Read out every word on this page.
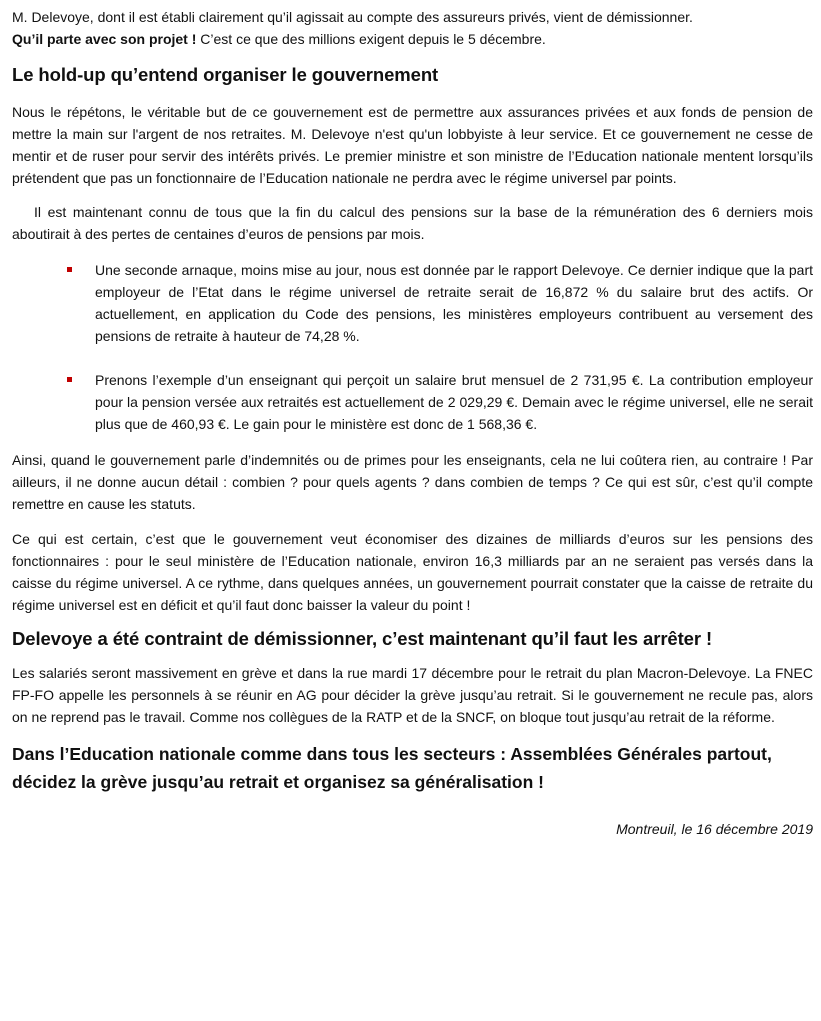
M. Delevoye, dont il est établi clairement qu’il agissait au compte des assureurs privés, vient de démissionner.
Qu’il parte avec son projet ! C’est ce que des millions exigent depuis le 5 décembre.

Le hold-up qu’entend organiser le gouvernement

Nous le répétons, le véritable but de ce gouvernement est de permettre aux assurances privées et aux fonds de pension de mettre la main sur l'argent de nos retraites. M. Delevoye n'est qu'un lobbyiste à leur service. Et ce gouvernement ne cesse de mentir et de ruser pour servir des intérêts privés. Le premier ministre et son ministre de l’Education nationale mentent lorsqu’ils prétendent que pas un fonctionnaire de l’Education nationale ne perdra avec le régime universel par points.

Il est maintenant connu de tous que la fin du calcul des pensions sur la base de la rémunération des 6 derniers mois aboutirait à des pertes de centaines d’euros de pensions par mois.

Une seconde arnaque, moins mise au jour, nous est donnée par le rapport Delevoye. Ce dernier indique que la part employeur de l’Etat dans le régime universel de retraite serait de 16,872 % du salaire brut des actifs. Or actuellement, en application du Code des pensions, les ministères employeurs contribuent au versement des pensions de retraite à hauteur de 74,28 %.
Prenons l’exemple d’un enseignant qui perçoit un salaire brut mensuel de 2 731,95 €. La contribution employeur pour la pension versée aux retraités est actuellement de 2 029,29 €. Demain avec le régime universel, elle ne serait plus que de 460,93 €. Le gain pour le ministère est donc de 1 568,36 €.

Ainsi, quand le gouvernement parle d’indemnités ou de primes pour les enseignants, cela ne lui coûtera rien, au contraire ! Par ailleurs, il ne donne aucun détail : combien ? pour quels agents ? dans combien de temps ? Ce qui est sûr, c’est qu’il compte remettre en cause les statuts.

Ce qui est certain, c’est que le gouvernement veut économiser des dizaines de milliards d’euros sur les pensions des fonctionnaires : pour le seul ministère de l’Education nationale, environ 16,3 milliards par an ne seraient pas versés dans la caisse du régime universel. A ce rythme, dans quelques années, un gouvernement pourrait constater que la caisse de retraite du régime universel est en déficit et qu’il faut donc baisser la valeur du point !

Delevoye a été contraint de démissionner, c’est maintenant qu’il faut les arrêter !

Les salariés seront massivement en grève et dans la rue mardi 17 décembre pour le retrait du plan Macron-Delevoye. La FNEC FP-FO appelle les personnels à se réunir en AG pour décider la grève jusqu’au retrait. Si le gouvernement ne recule pas, alors on ne reprend pas le travail. Comme nos collègues de la RATP et de la SNCF, on bloque tout jusqu’au retrait de la réforme.

Dans l’Education nationale comme dans tous les secteurs : Assemblées Générales partout, décidez la grève jusqu’au retrait et organisez sa généralisation !

Montreuil, le 16 décembre 2019
